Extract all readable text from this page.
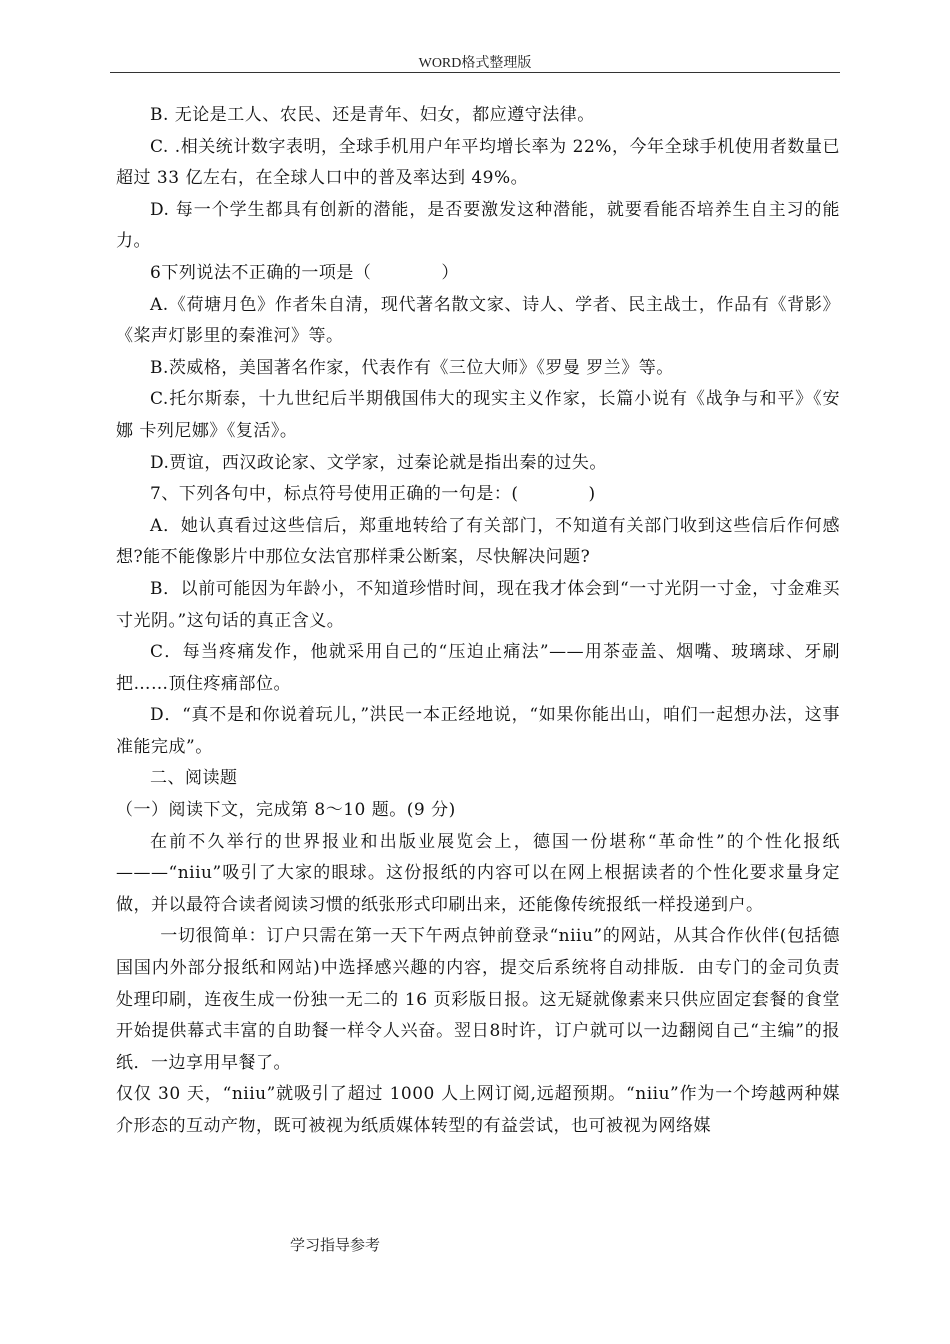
WORD格式整理版

B. 无论是工人、农民、还是青年、妇女，都应遵守法律。

C. .相关统计数字表明，全球手机用户年平均增长率为 22%，今年全球手机使用者数量已超过 33 亿左右，在全球人口中的普及率达到 49%。

D. 每一个学生都具有创新的潜能，是否要激发这种潜能，就要看能否培养生自主习的能力。

6下列说法不正确的一项是（　　　　）

A.《荷塘月色》作者朱自清，现代著名散文家、诗人、学者、民主战士，作品有《背影》《桨声灯影里的秦淮河》等。

B.茨威格，美国著名作家，代表作有《三位大师》《罗曼 罗兰》等。

C.托尔斯泰，十九世纪后半期俄国伟大的现实主义作家，长篇小说有《战争与和平》《安娜 卡列尼娜》《复活》。

D.贾谊，西汉政论家、文学家，过秦论就是指出秦的过失。

7、下列各句中，标点符号使用正确的一句是：(　　　　)

A．她认真看过这些信后，郑重地转给了有关部门，不知道有关部门收到这些信后作何感想?能不能像影片中那位女法官那样秉公断案，尽快解决问题?

B．以前可能因为年龄小，不知道珍惜时间，现在我才体会到“一寸光阴一寸金，寸金难买寸光阴。”这句话的真正含义。

C．每当疼痛发作，他就采用自己的“压迫止痛法”——用茶壶盖、烟嘴、玻璃球、牙刷把……顶住疼痛部位。

D．“真不是和你说着玩儿，”洪民一本正经地说，“如果你能出山，咱们一起想办法，这事准能完成”。

二、阅读题

（一）阅读下文，完成第 8～10 题。(9 分)

在前不久举行的世界报业和出版业展览会上，德国一份堪称“革命性”的个性化报纸———“niiu”吸引了大家的眼球。这份报纸的内容可以在网上根据读者的个性化要求量身定做，并以最符合读者阅读习惯的纸张形式印刷出来，还能像传统报纸一样投递到户。

一切很简单：订户只需在第一天下午两点钟前登录“niiu”的网站，从其合作伙伴(包括德国国内外部分报纸和网站)中选择感兴趣的内容，提交后系统将自动排版．由专门的金司负责处理印刷，连夜生成一份独一无二的 16 页彩版日报。这无疑就像素来只供应固定套餐的食堂开始提供幕式丰富的自助餐一样令人兴奋。翌日8时许，订户就可以一边翻阅自己“主编”的报纸．一边享用早餐了。

仅仅 30 天，“niiu”就吸引了超过 1000 人上网订阅,远超预期。“niiu”作为一个垮越两种媒介形态的互动产物，既可被视为纸质媒体转型的有益尝试，也可被视为网络媒

学习指导参考
